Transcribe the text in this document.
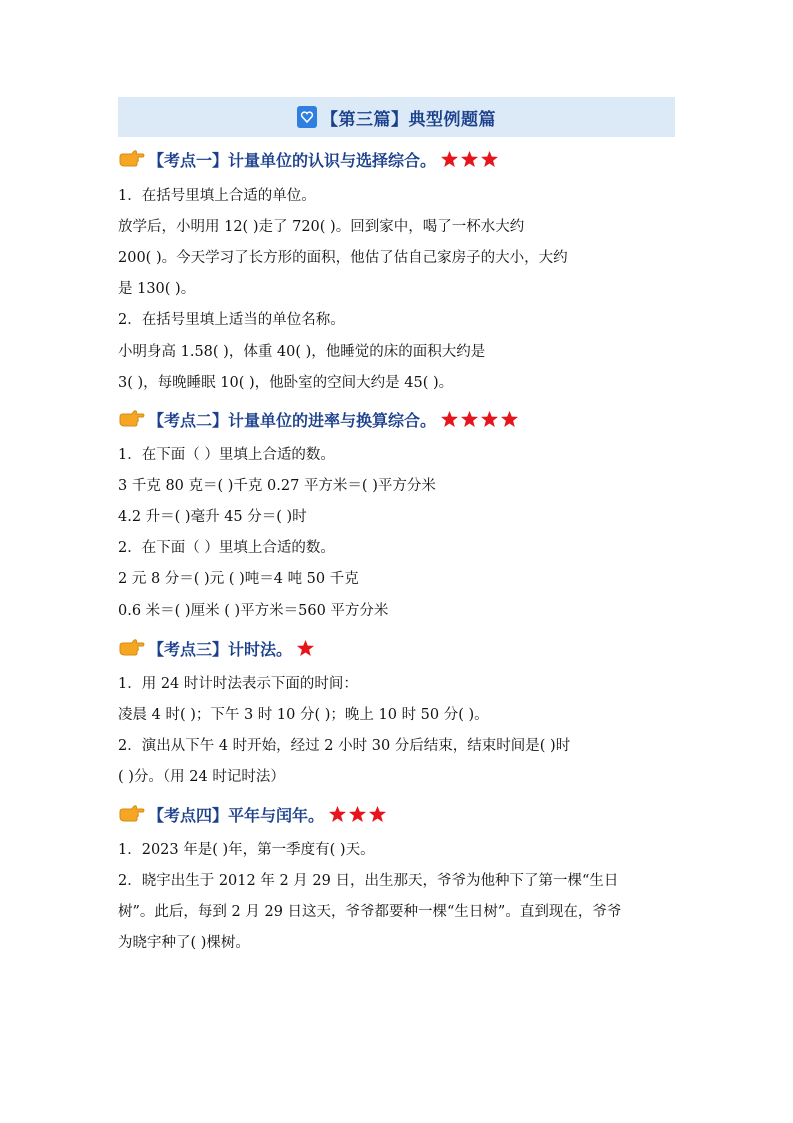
【第三篇】典型例题篇
【考点一】计量单位的认识与选择综合。
1．在括号里填上合适的单位。
放学后，小明用 12( )走了 720( )。回到家中，喝了一杯水大约
200( )。今天学习了长方形的面积，他估了估自己家房子的大小，大约
是 130( )。
2．在括号里填上适当的单位名称。
小明身高 1.58( )，体重 40( )，他睡觉的床的面积大约是
3( )，每晚睡眠 10( )，他卧室的空间大约是 45( )。
【考点二】计量单位的进率与换算综合。
1．在下面（ ）里填上合适的数。
3 千克 80 克＝( )千克 0.27 平方米＝( )平方分米
4.2 升＝( )毫升 45 分＝( )时
2．在下面（ ）里填上合适的数。
2 元 8 分＝( )元 ( )吨＝4 吨 50 千克
0.6 米＝( )厘米 ( )平方米＝560 平方分米
【考点三】计时法。
1．用 24 时计时法表示下面的时间：
凌晨 4 时( )；下午 3 时 10 分( )；晚上 10 时 50 分( )。
2．演出从下午 4 时开始，经过 2 小时 30 分后结束，结束时间是( )时
( )分。（用 24 时记时法）
【考点四】平年与闰年。
1．2023 年是( )年，第一季度有( )天。
2．晓宇出生于 2012 年 2 月 29 日，出生那天，爷爷为他种下了第一棵“生日
树”。此后，每到 2 月 29 日这天，爷爷都要种一棵“生日树”。直到现在，爷爷
为晓宇种了( )棵树。
